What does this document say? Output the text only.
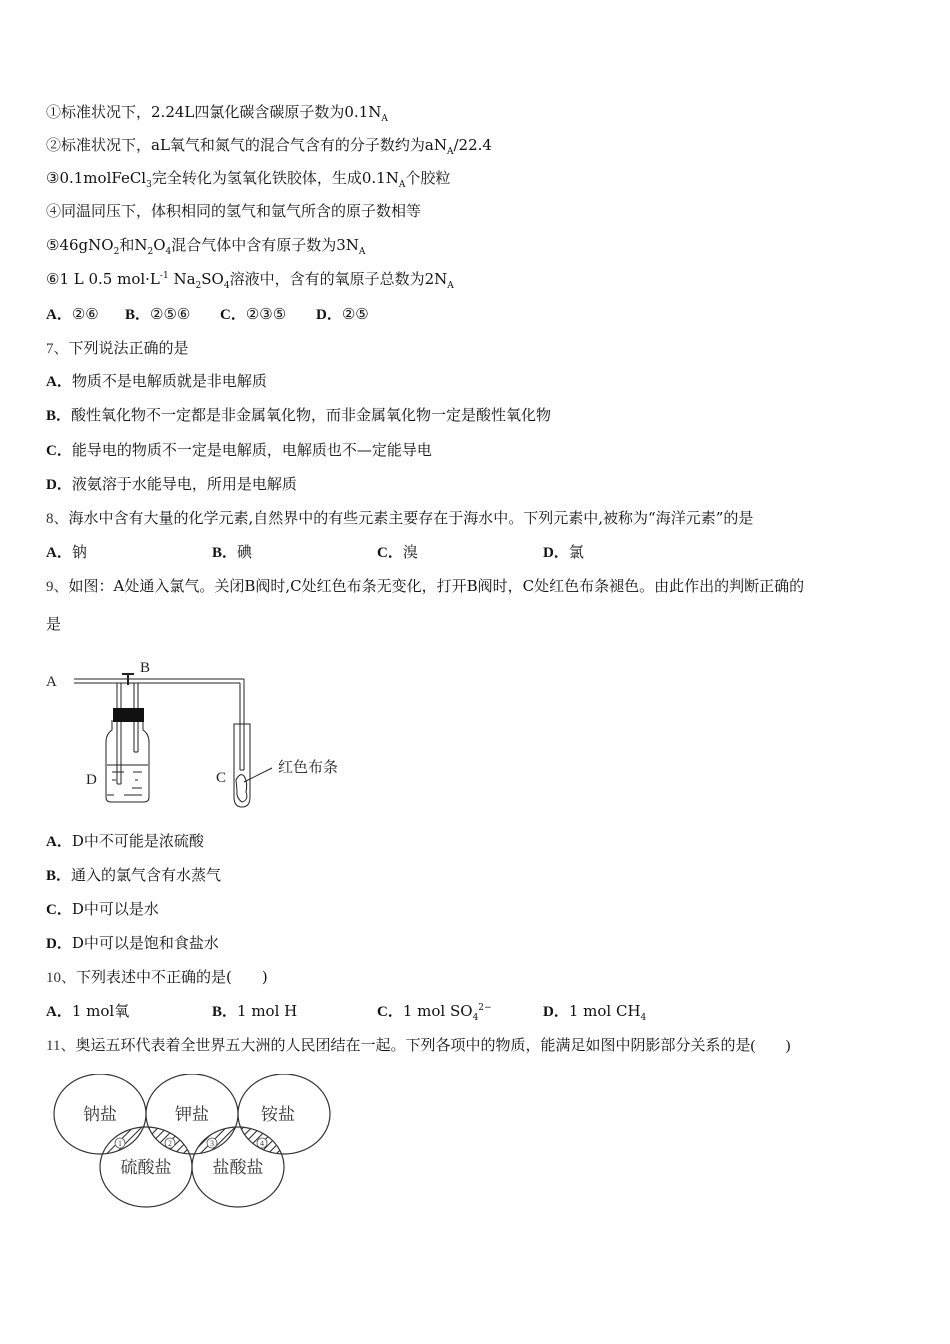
①标准状况下，2.24L四氯化碳含碳原子数为$0.1N_A$
②标准状况下，aL氧气和氮气的混合气含有的分子数约为$aN_A/22.4$
③0.1molFeCl$_3$完全转化为氢氧化铁胶体，生成$0.1N_A$个胶粒
④同温同压下，体积相同的氢气和氩气所含的原子数相等
⑤46gNO$_2$和$N_2O_4$混合气体中含有原子数为$3N_A$
⑥1 L 0.5 $mol\cdot L^{-1}$ $Na_2SO_4$溶液中，含有的氧原子总数为$2N_A$
A．②⑥ B．②⑤⑥ C．②③⑤ D．②⑤
7、下列说法正确的是
A．物质不是电解质就是非电解质
B．酸性氧化物不一定都是非金属氧化物，而非金属氧化物一定是酸性氧化物
C．能导电的物质不一定是电解质，电解质也不—定能导电
D．液氨溶于水能导电，所用是电解质
8、海水中含有大量的化学元素,自然界中的有些元素主要存在于海水中。下列元素中,被称为“海洋元素”的是
A．钠	B．碘	C．溴	D．氯
9、如图：A处通入氯气。关闭B阀时,C处红色布条无变化，打开B阀时，C处红色布条褪色。由此作出的判断正确的
是
A
B
C
D
红色布条
A．D中不可能是浓硫酸
B．通入的氯气含有水蒸气
C．D中可以是水
D．D中可以是饱和食盐水
10、下列表述中不正确的是(　　)
A．1 mol氧	B．1 mol H	C．1 mol $SO_4^{2-}$	D．1 mol $CH_4$
11、奥运五环代表着全世界五大洲的人民团结在一起。下列各项中的物质，能满足如图中阴影部分关系的是(　　)
1	2	3	4
钠盐	钾盐	铵盐
硫酸盐 盐酸盐
